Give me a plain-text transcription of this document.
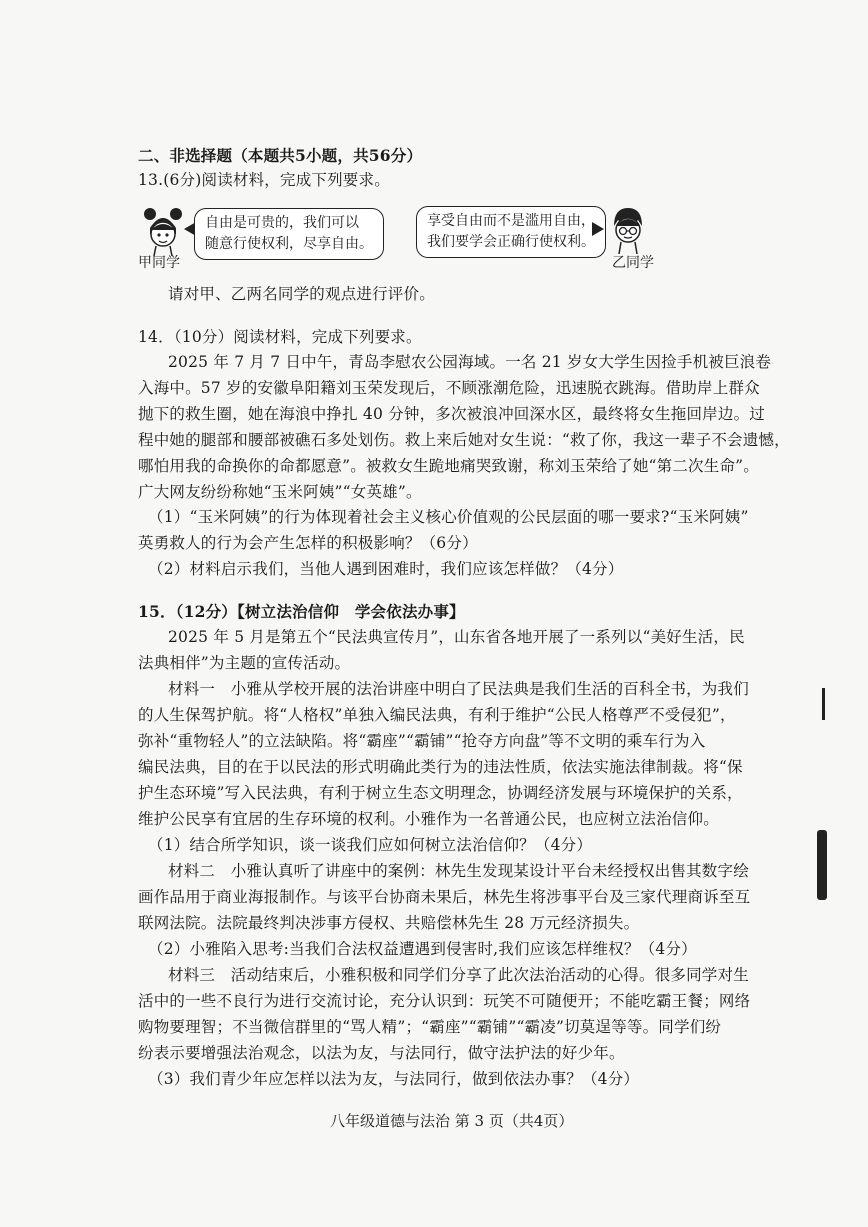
二、非选择题（本题共5小题，共56分）
13.(6分)阅读材料，完成下列要求。
甲同学
自由是可贵的，我们可以
随意行使权利，尽享自由。
享受自由而不是滥用自由，
我们要学会正确行使权利。
乙同学
请对甲、乙两名同学的观点进行评价。
14．（10分）阅读材料，完成下列要求。
2025 年 7 月 7 日中午，青岛李慰农公园海域。一名 21 岁女大学生因捡手机被巨浪卷
入海中。57 岁的安徽阜阳籍刘玉荣发现后，不顾涨潮危险，迅速脱衣跳海。借助岸上群众
抛下的救生圈，她在海浪中挣扎 40 分钟，多次被浪冲回深水区，最终将女生拖回岸边。过
程中她的腿部和腰部被礁石多处划伤。救上来后她对女生说：“救了你，我这一辈子不会遗憾，
哪怕用我的命换你的命都愿意”。被救女生跪地痛哭致谢，称刘玉荣给了她“第二次生命”。
广大网友纷纷称她“玉米阿姨”“女英雄”。
（1）“玉米阿姨”的行为体现着社会主义核心价值观的公民层面的哪一要求?“玉米阿姨”
英勇救人的行为会产生怎样的积极影响？（6分）
（2）材料启示我们，当他人遇到困难时，我们应该怎样做？（4分）
15．（12分）【树立法治信仰　学会依法办事】
2025 年 5 月是第五个“民法典宣传月”，山东省各地开展了一系列以“美好生活，民
法典相伴”为主题的宣传活动。
材料一　小雅从学校开展的法治讲座中明白了民法典是我们生活的百科全书，为我们
的人生保驾护航。将“人格权”单独入编民法典，有利于维护“公民人格尊严不受侵犯”，
弥补“重物轻人”的立法缺陷。将“霸座”“霸铺”“抢夺方向盘”等不文明的乘车行为入
编民法典，目的在于以民法的形式明确此类行为的违法性质，依法实施法律制裁。将“保
护生态环境”写入民法典，有利于树立生态文明理念，协调经济发展与环境保护的关系，
维护公民享有宜居的生存环境的权利。小雅作为一名普通公民，也应树立法治信仰。
（1）结合所学知识，谈一谈我们应如何树立法治信仰？（4分）
材料二　小雅认真听了讲座中的案例：林先生发现某设计平台未经授权出售其数字绘
画作品用于商业海报制作。与该平台协商未果后，林先生将涉事平台及三家代理商诉至互
联网法院。法院最终判决涉事方侵权、共赔偿林先生 28 万元经济损失。
（2）小雅陷入思考:当我们合法权益遭遇到侵害时,我们应该怎样维权？（4分）
材料三　活动结束后，小雅积极和同学们分享了此次法治活动的心得。很多同学对生
活中的一些不良行为进行交流讨论，充分认识到：玩笑不可随便开；不能吃霸王餐；网络
购物要理智；不当微信群里的“骂人精”；“霸座”“霸铺”“霸凌”切莫逞等等。同学们纷
纷表示要增强法治观念，以法为友，与法同行，做守法护法的好少年。
（3）我们青少年应怎样以法为友，与法同行，做到依法办事？（4分）
八年级道德与法治 第 3 页（共4页）
